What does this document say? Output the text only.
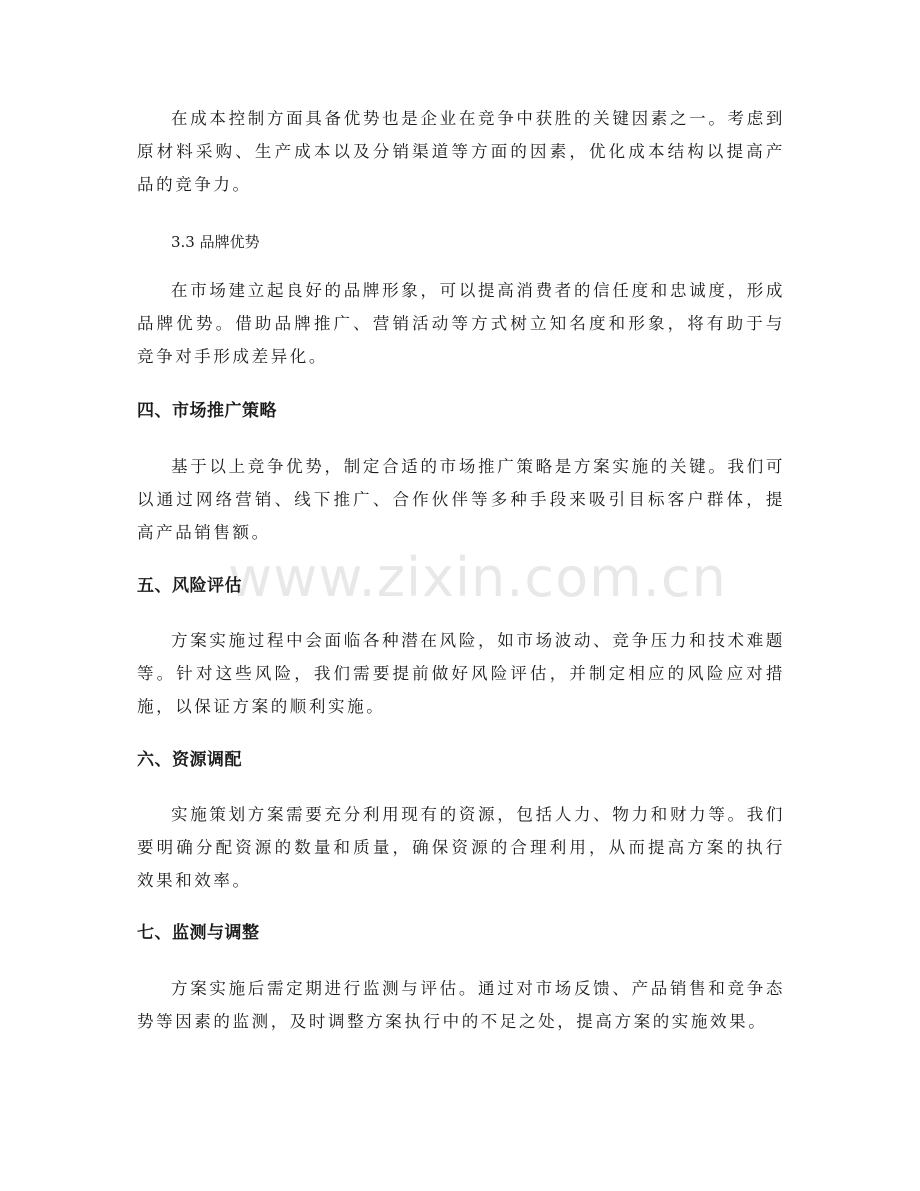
在成本控制方面具备优势也是企业在竞争中获胜的关键因素之一。考虑到原材料采购、生产成本以及分销渠道等方面的因素，优化成本结构以提高产品的竞争力。

3.3 品牌优势

在市场建立起良好的品牌形象，可以提高消费者的信任度和忠诚度，形成品牌优势。借助品牌推广、营销活动等方式树立知名度和形象，将有助于与竞争对手形成差异化。

四、市场推广策略

基于以上竞争优势，制定合适的市场推广策略是方案实施的关键。我们可以通过网络营销、线下推广、合作伙伴等多种手段来吸引目标客户群体，提高产品销售额。

五、风险评估

方案实施过程中会面临各种潜在风险，如市场波动、竞争压力和技术难题等。针对这些风险，我们需要提前做好风险评估，并制定相应的风险应对措施，以保证方案的顺利实施。

六、资源调配

实施策划方案需要充分利用现有的资源，包括人力、物力和财力等。我们要明确分配资源的数量和质量，确保资源的合理利用，从而提高方案的执行效果和效率。

七、监测与调整

方案实施后需定期进行监测与评估。通过对市场反馈、产品销售和竞争态势等因素的监测，及时调整方案执行中的不足之处，提高方案的实施效果。

www.zixin.com.cn
